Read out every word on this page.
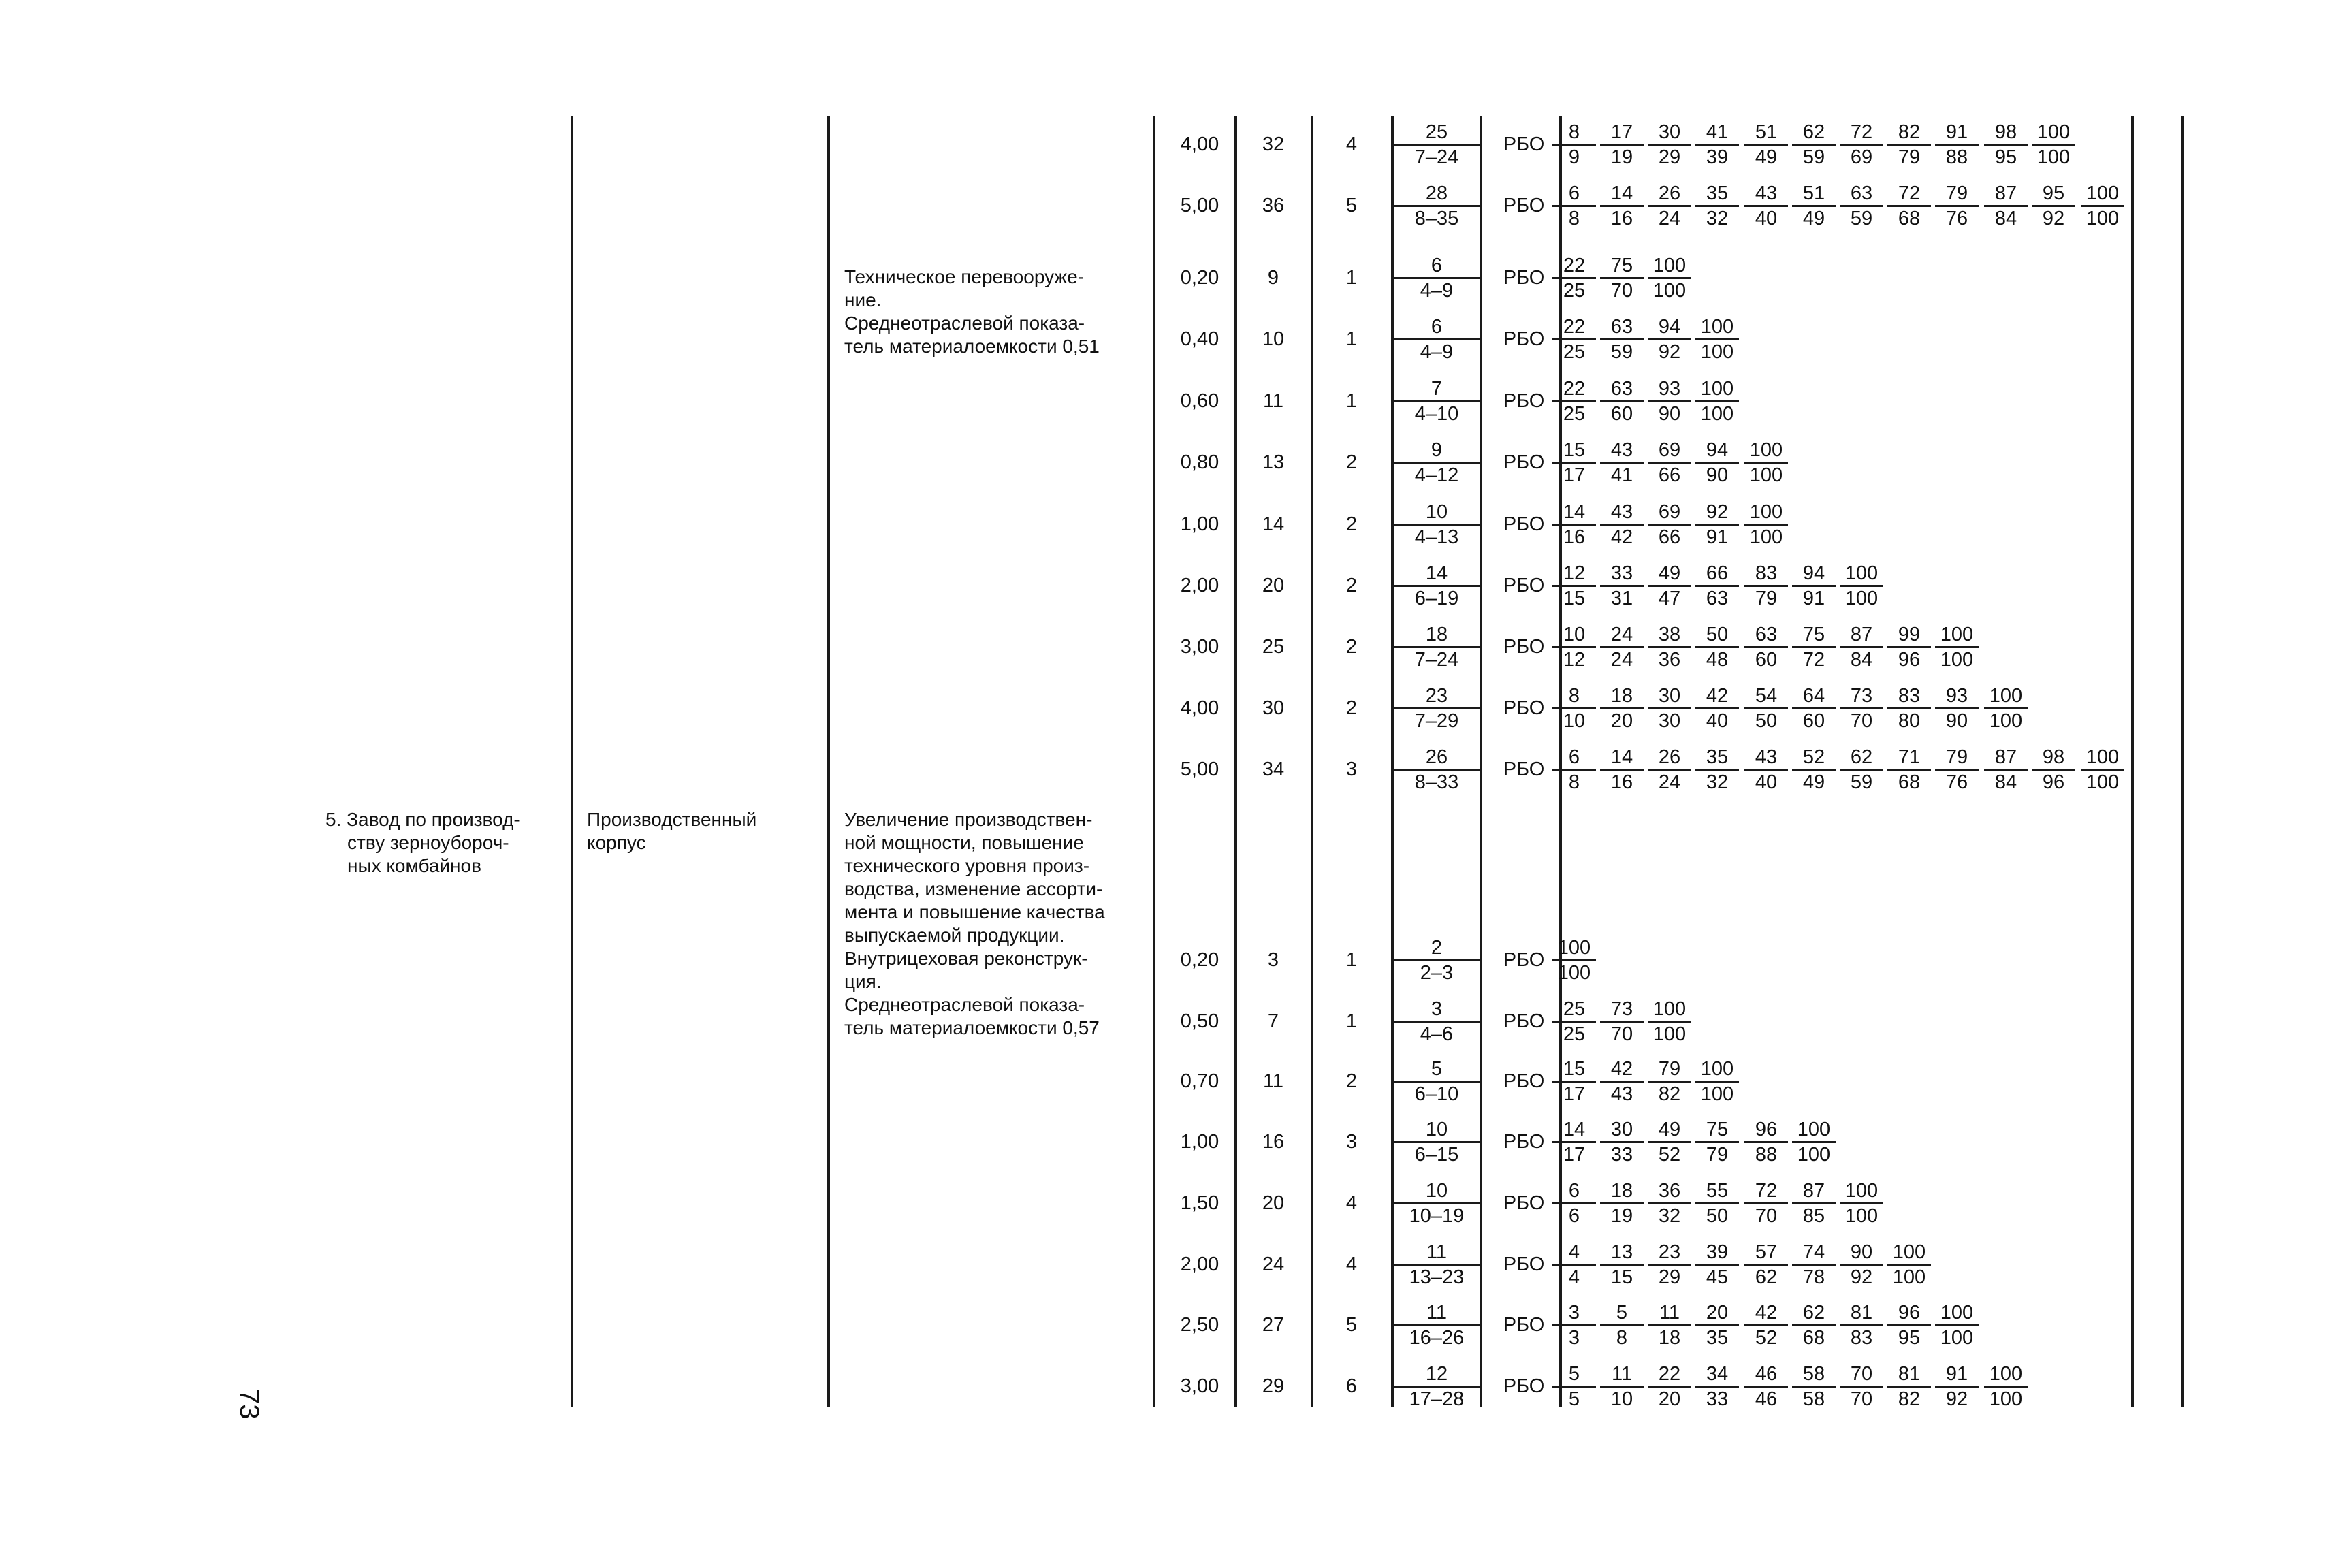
73
5. Завод по производ-
ству зерноубороч-
ных комбайнов
Производственный
корпус
Техническое перевооруже-
ние.
Среднеотраслевой показа-
тель материалоемкости 0,51
Увеличение производствен-
ной мощности, повышение
технического уровня произ-
водства, изменение ассорти-
мента и повышение качества
выпускаемой продукции.
Внутрицеховая реконструк-
ция.
Среднеотраслевой показа-
тель материалоемкости 0,57
4,00	32	4	$\frac{25}{7-24}$	РБО $\frac{8}{9} \frac{17}{19} \frac{30}{29} \frac{41}{39} \frac{51}{49} \frac{62}{59} \frac{72}{69} \frac{82}{79} \frac{91}{88} \frac{98}{95} \frac{100}{100}$
5,00	36	5	$\frac{28}{8-35}$	РБО $\frac{6}{8} \frac{14}{16} \frac{26}{24} \frac{35}{32} \frac{43}{40} \frac{51}{49} \frac{63}{59} \frac{72}{68} \frac{79}{76} \frac{87}{84} \frac{95}{92} \frac{100}{100}$
0,20	9	1	$\frac{6}{4-9}$	РБО $\frac{22}{25} \frac{75}{70} \frac{100}{100}$
0,40	10	1	$\frac{6}{4-9}$	РБО $\frac{22}{25} \frac{63}{59} \frac{94}{92} \frac{100}{100}$
0,60	11	1	$\frac{7}{4-10}$	РБО $\frac{22}{25} \frac{63}{60} \frac{93}{90} \frac{100}{100}$
0,80	13	2	$\frac{9}{4-12}$	РБО $\frac{15}{17} \frac{43}{41} \frac{69}{66} \frac{94}{90} \frac{100}{100}$
1,00	14	2	$\frac{10}{4-13}$	РБО $\frac{14}{16} \frac{43}{42} \frac{69}{66} \frac{92}{91} \frac{100}{100}$
2,00	20	2	$\frac{14}{6-19}$	РБО $\frac{12}{15} \frac{33}{31} \frac{49}{47} \frac{66}{63} \frac{83}{79} \frac{94}{91} \frac{100}{100}$
3,00	25	2	$\frac{18}{7-24}$	РБО $\frac{10}{12} \frac{24}{24} \frac{38}{36} \frac{50}{48} \frac{63}{60} \frac{75}{72} \frac{87}{84} \frac{99}{96} \frac{100}{100}$
4,00	30	2	$\frac{23}{7-29}$	РБО $\frac{8}{10} \frac{18}{20} \frac{30}{30} \frac{42}{40} \frac{54}{50} \frac{64}{60} \frac{73}{70} \frac{83}{80} \frac{93}{90} \frac{100}{100}$
5,00	34	3	$\frac{26}{8-33}$	РБО $\frac{6}{8} \frac{14}{16} \frac{26}{24} \frac{35}{32} \frac{43}{40} \frac{52}{49} \frac{62}{59} \frac{71}{68} \frac{79}{76} \frac{87}{84} \frac{98}{96} \frac{100}{100}$
0,20	3	1	$\frac{2}{2-3}$	РБО $\frac{100}{100}$
0,50	7	1	$\frac{3}{4-6}$	РБО $\frac{25}{25} \frac{73}{70} \frac{100}{100}$
0,70	11	2	$\frac{5}{6-10}$	РБО $\frac{15}{17} \frac{42}{43} \frac{79}{82} \frac{100}{100}$
1,00	16	3	$\frac{10}{6-15}$	РБО $\frac{14}{17} \frac{30}{33} \frac{49}{52} \frac{75}{79} \frac{96}{88} \frac{100}{100}$
1,50	20	4	$\frac{10}{10-19}$	РБО $\frac{6}{6} \frac{18}{19} \frac{36}{32} \frac{55}{50} \frac{72}{70} \frac{87}{85} \frac{100}{100}$
2,00	24	4	$\frac{11}{13-23}$	РБО $\frac{4}{4} \frac{13}{15} \frac{23}{29} \frac{39}{45} \frac{57}{62} \frac{74}{78} \frac{90}{92} \frac{100}{100}$
2,50	27	5	$\frac{11}{16-26}$	РБО $\frac{3}{3} \frac{5}{8} \frac{11}{18} \frac{20}{35} \frac{42}{52} \frac{62}{68} \frac{81}{83} \frac{96}{95} \frac{100}{100}$
3,00	29	6	$\frac{12}{17-28}$	РБО $\frac{5}{5} \frac{11}{10} \frac{22}{20} \frac{34}{33} \frac{46}{46} \frac{58}{58} \frac{70}{70} \frac{81}{82} \frac{91}{92} \frac{100}{100}$
